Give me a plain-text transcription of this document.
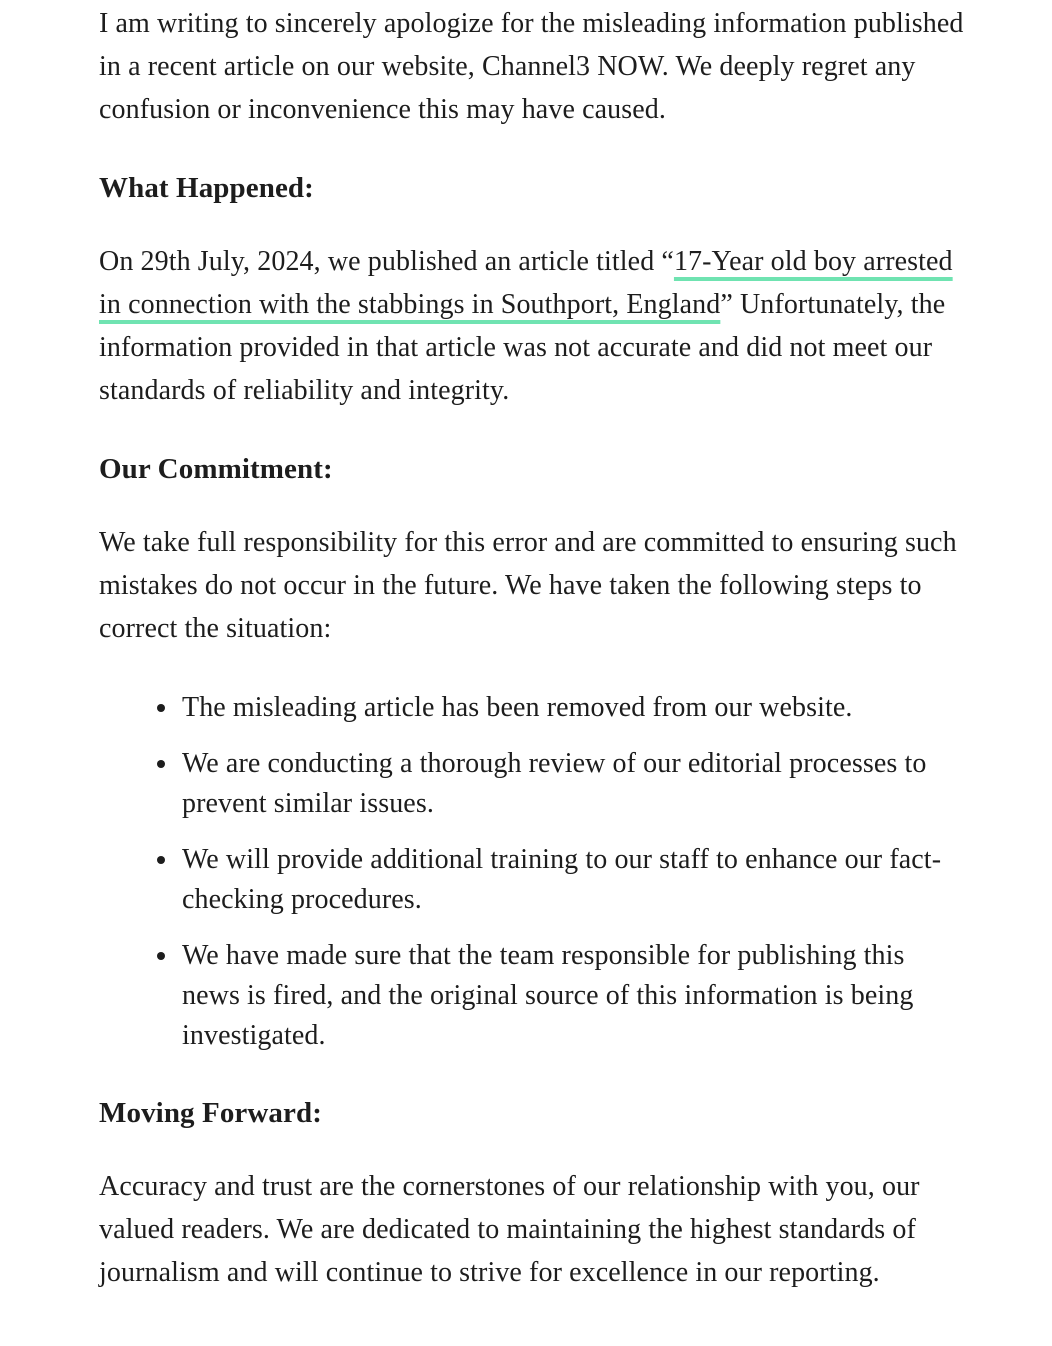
I am writing to sincerely apologize for the misleading information published in a recent article on our website, Channel3 NOW. We deeply regret any confusion or inconvenience this may have caused.

What Happened:

On 29th July, 2024, we published an article titled “17-Year old boy arrested in connection with the stabbings in Southport, England” Unfortunately, the information provided in that article was not accurate and did not meet our standards of reliability and integrity.

Our Commitment:

We take full responsibility for this error and are committed to ensuring such mistakes do not occur in the future. We have taken the following steps to correct the situation:

• The misleading article has been removed from our website.
• We are conducting a thorough review of our editorial processes to prevent similar issues.
• We will provide additional training to our staff to enhance our fact-checking procedures.
• We have made sure that the team responsible for publishing this news is fired, and the original source of this information is being investigated.
Moving Forward:

Accuracy and trust are the cornerstones of our relationship with you, our valued readers. We are dedicated to maintaining the highest standards of journalism and will continue to strive for excellence in our reporting.
